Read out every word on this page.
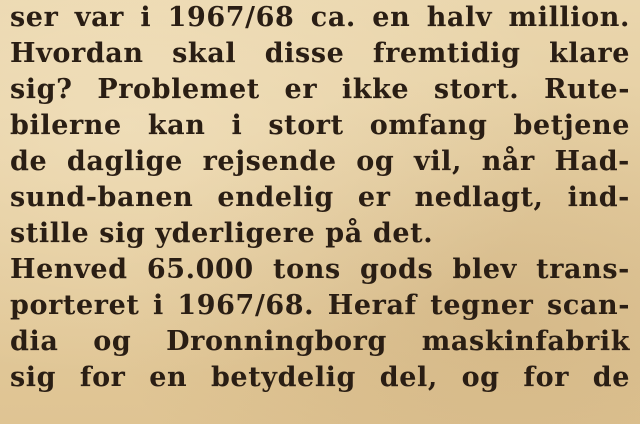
ser var i 1967/68 ca. en halv million.
Hvordan skal disse fremtidig klare
sig? Problemet er ikke stort. Rute-
bilerne kan i stort omfang betjene
de daglige rejsende og vil, når Had-
sund-banen endelig er nedlagt, ind-
stille sig yderligere på det.
Henved 65.000 tons gods blev trans-
porteret i 1967/68. Heraf tegner scan-
dia og Dronningborg maskinfabrik
sig for en betydelig del, og for de
